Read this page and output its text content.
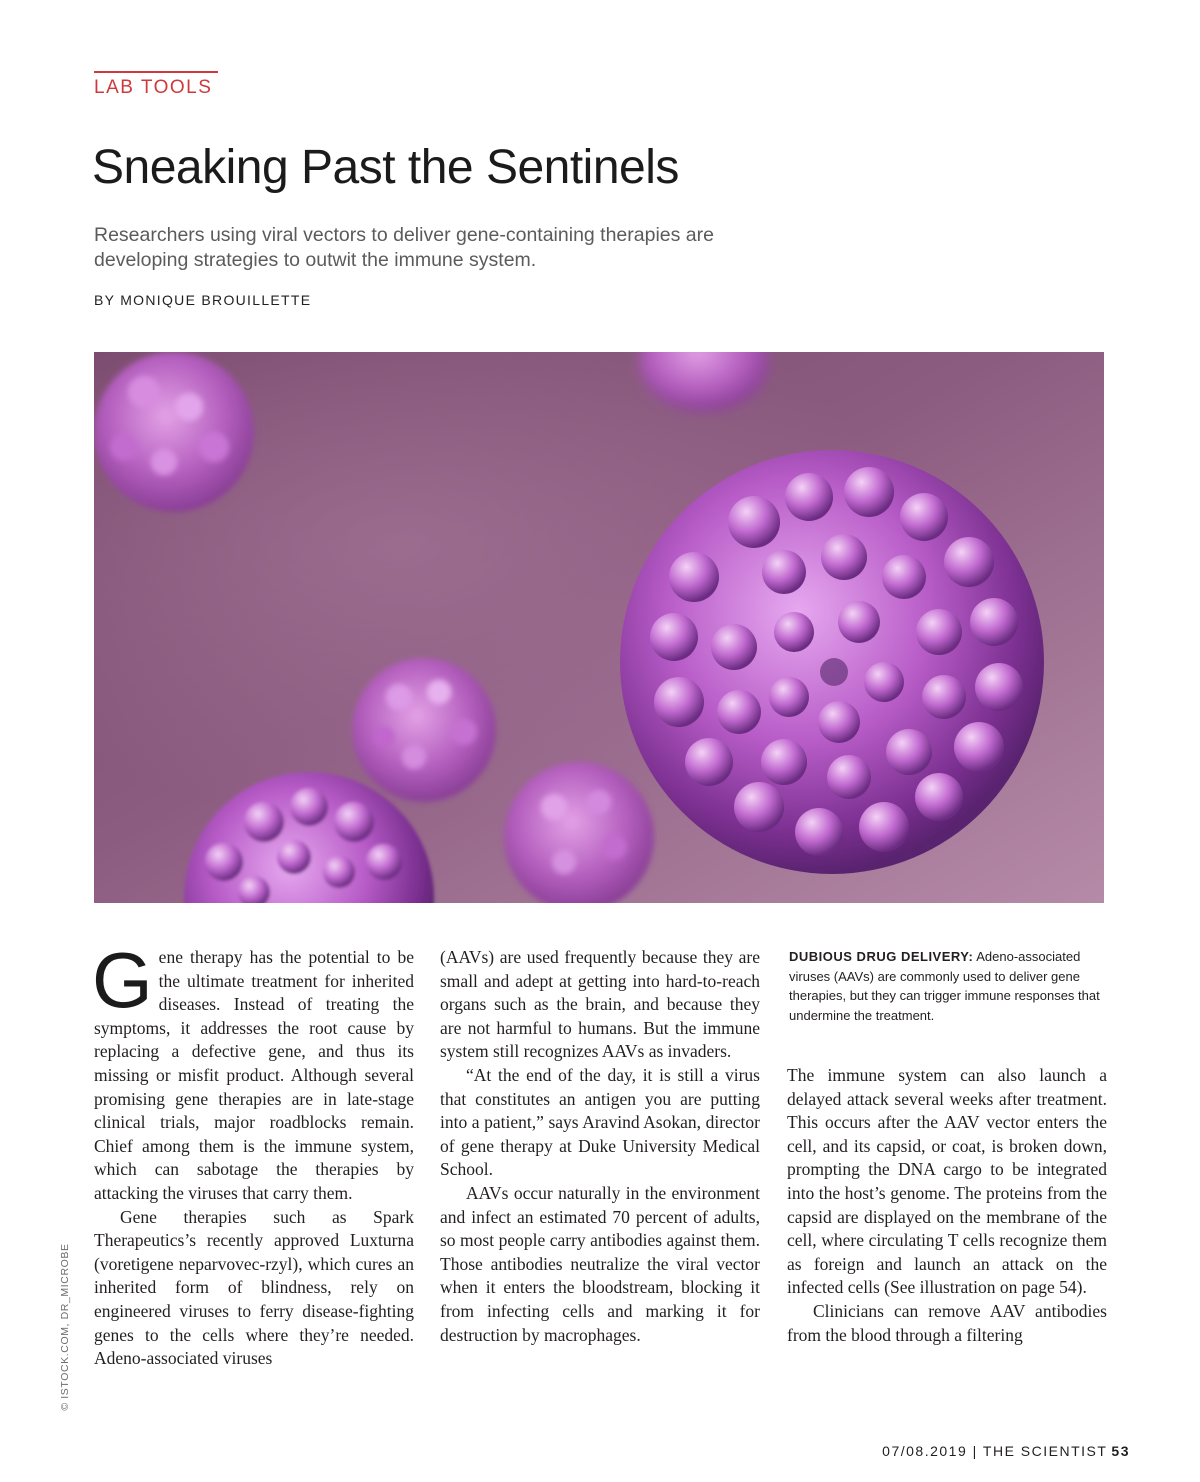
LAB TOOLS
Sneaking Past the Sentinels

Researchers using viral vectors to deliver gene-containing therapies are developing strategies to outwit the immune system.

BY MONIQUE BROUILLETTE
© ISTOCK.COM, DR_MICROBE

Gene therapy has the potential to be the ultimate treatment for inherited diseases. Instead of treating the symptoms, it addresses the root cause by replacing a defective gene, and thus its missing or misfit product. Although several promising gene therapies are in late-stage clinical trials, major roadblocks remain. Chief among them is the immune system, which can sabotage the therapies by attacking the viruses that carry them.

Gene therapies such as Spark Therapeutics’s recently approved Luxturna (voretigene neparvovec-rzyl), which cures an inherited form of blindness, rely on engineered viruses to ferry disease-fighting genes to the cells where they’re needed. Adeno-associated viruses

(AAVs) are used frequently because they are small and adept at getting into hard-to-reach organs such as the brain, and because they are not harmful to humans. But the immune system still recognizes AAVs as invaders.

“At the end of the day, it is still a virus that constitutes an antigen you are putting into a patient,” says Aravind Asokan, director of gene therapy at Duke University Medical School.

AAVs occur naturally in the environment and infect an estimated 70 percent of adults, so most people carry antibodies against them. Those antibodies neutralize the viral vector when it enters the bloodstream, blocking it from infecting cells and marking it for destruction by macrophages.

DUBIOUS DRUG DELIVERY: Adeno-associated viruses (AAVs) are commonly used to deliver gene therapies, but they can trigger immune responses that undermine the treatment.

The immune system can also launch a delayed attack several weeks after treatment. This occurs after the AAV vector enters the cell, and its capsid, or coat, is broken down, prompting the DNA cargo to be integrated into the host’s genome. The proteins from the capsid are displayed on the membrane of the cell, where circulating T cells recognize them as foreign and launch an attack on the infected cells (See illustration on page 54).

Clinicians can remove AAV antibodies from the blood through a filtering

07/08.2019 | THE SCIENTIST 53
